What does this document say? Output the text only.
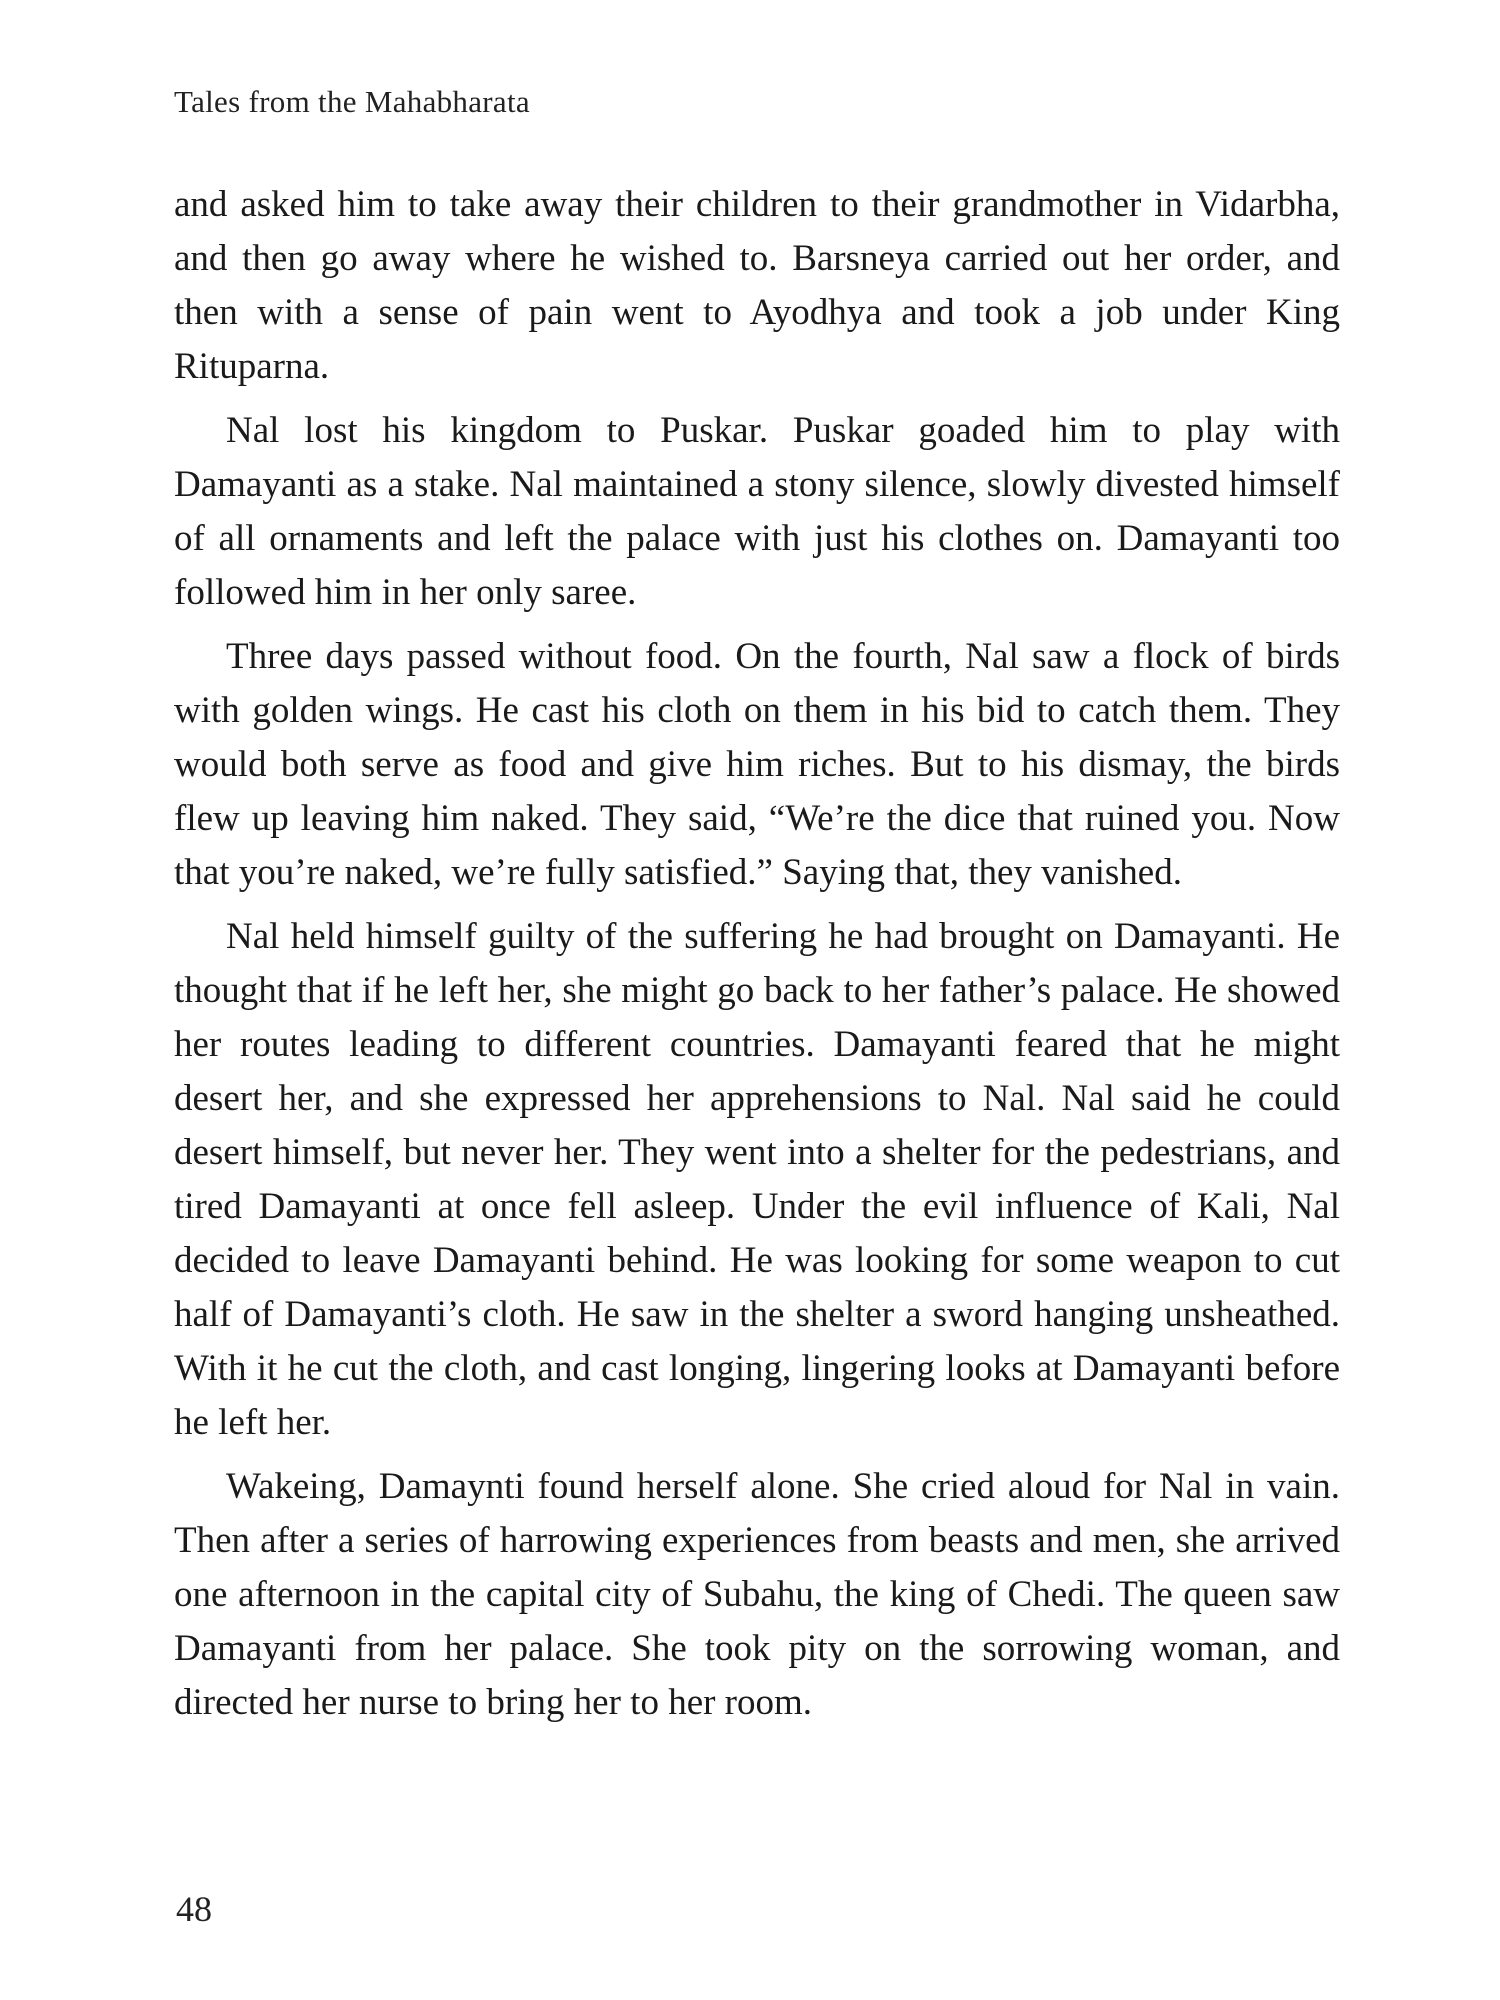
Tales from the Mahabharata

and asked him to take away their children to their grandmother in Vidarbha, and then go away where he wished to. Barsneya carried out her order, and then with a sense of pain went to Ayodhya and took a job under King Rituparna.

Nal lost his kingdom to Puskar. Puskar goaded him to play with Damayanti as a stake. Nal maintained a stony silence, slowly divested himself of all ornaments and left the palace with just his clothes on. Damayanti too followed him in her only saree.

Three days passed without food. On the fourth, Nal saw a flock of birds with golden wings. He cast his cloth on them in his bid to catch them. They would both serve as food and give him riches. But to his dismay, the birds flew up leaving him naked. They said, “We’re the dice that ruined you. Now that you’re naked, we’re fully satisfied.” Saying that, they vanished.

Nal held himself guilty of the suffering he had brought on Damayanti. He thought that if he left her, she might go back to her father’s palace. He showed her routes leading to different countries. Damayanti feared that he might desert her, and she expressed her apprehensions to Nal. Nal said he could desert himself, but never her. They went into a shelter for the pedestrians, and tired Damayanti at once fell asleep. Under the evil influence of Kali, Nal decided to leave Damayanti behind. He was looking for some weapon to cut half of Damayanti’s cloth. He saw in the shelter a sword hanging unsheathed. With it he cut the cloth, and cast longing, lingering looks at Damayanti before he left her.

Wakeing, Damaynti found herself alone. She cried aloud for Nal in vain. Then after a series of harrowing experiences from beasts and men, she arrived one afternoon in the capital city of Subahu, the king of Chedi. The queen saw Damayanti from her palace. She took pity on the sorrowing woman, and directed her nurse to bring her to her room.

48
